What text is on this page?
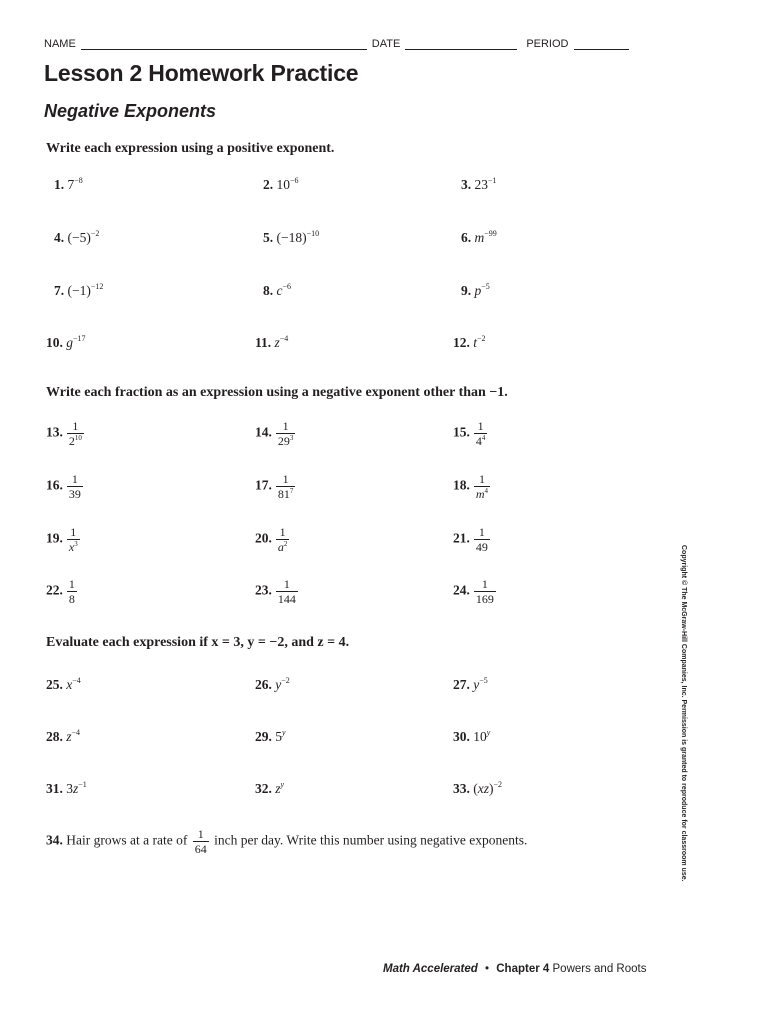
NAME	DATE	PERIOD
Lesson 2 Homework Practice
Negative Exponents

Write each expression using a positive exponent.

1. $7^{-8}$	2. $10^{-6}$	3. $23^{-1}$
4. $(-5)^{-2}$	5. $(-18)^{-10}$	6. $m^{-99}$
7. $(-1)^{-12}$	8. $c^{-6}$	9. $p^{-5}$
10. $g^{-17}$	11. $z^{-4}$	12. $t^{-2}$

Write each fraction as an expression using a negative exponent other than −1.

13. $\frac{1}{2^{10}}$	14. $\frac{1}{29^3}$	15. $\frac{1}{4^4}$
16. $\frac{1}{39}$	17. $\frac{1}{81^7}$	18. $\frac{1}{m^4}$
19. $\frac{1}{x^3}$	20. $\frac{1}{a^2}$	21. $\frac{1}{49}$
22. $\frac{1}{8}$	23. $\frac{1}{144}$	24. $\frac{1}{169}$

Evaluate each expression if x = 3, y = −2, and z = 4.

25. $x^{-4}$	26. $y^{-2}$	27. $y^{-5}$
28. $z^{-4}$	29. 5$^y$	30. 10$^y$
31. $3z^{-1}$	32. $z^y$	33. (xz)$^{-2}$
34. Hair grows at a rate of $\frac{1}{64}$ inch per day. Write this number using negative exponents.	Copyright © The McGraw-Hill Companies, Inc. Permission is granted to reproduce for classroom use.
Math Accelerated • Chapter 4 Powers and Roots
